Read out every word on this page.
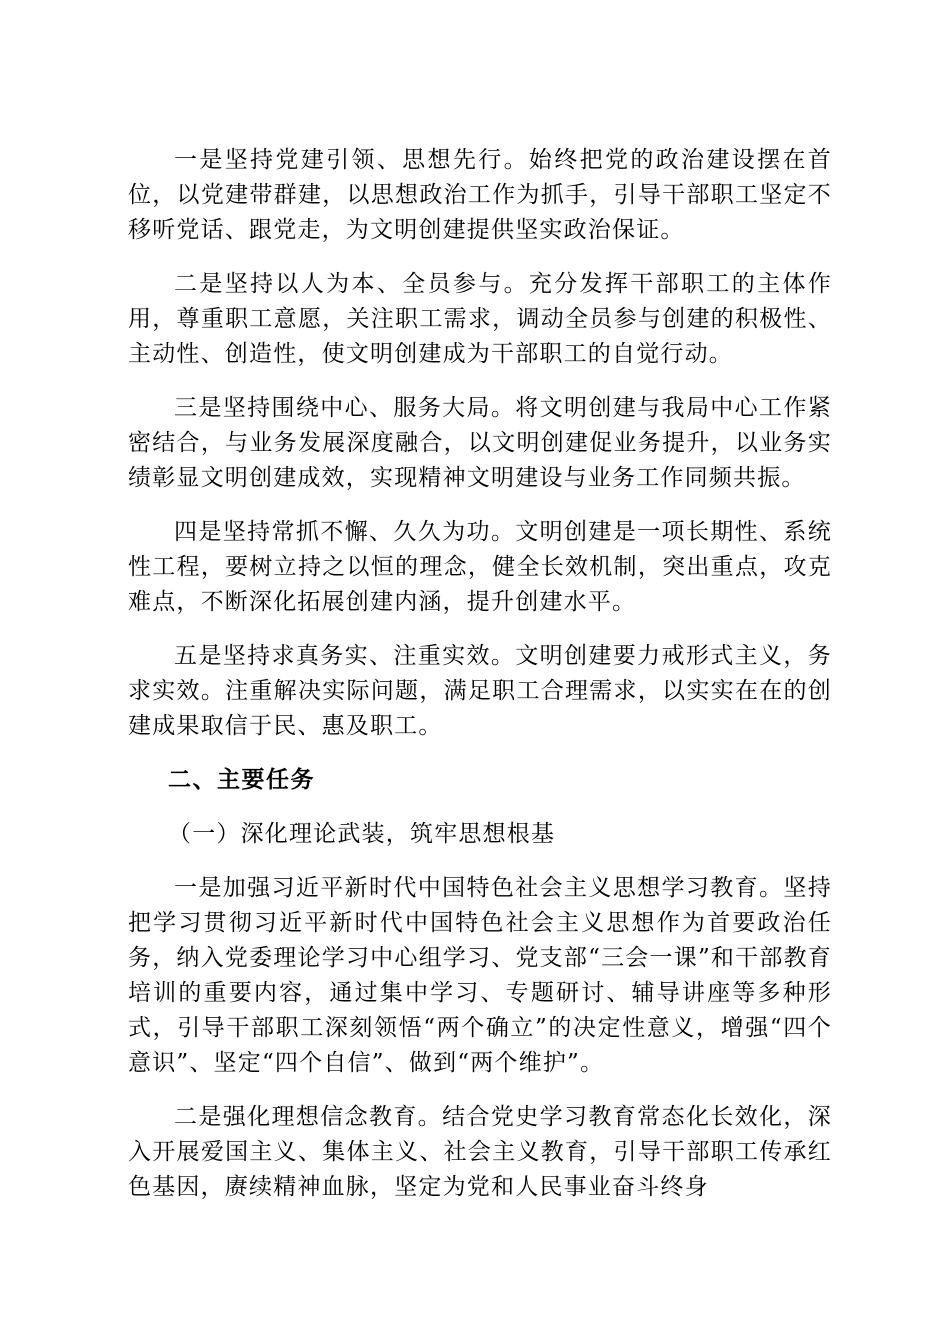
一是坚持党建引领、思想先行。始终把党的政治建设摆在首位，以党建带群建，以思想政治工作为抓手，引导干部职工坚定不移听党话、跟党走，为文明创建提供坚实政治保证。

二是坚持以人为本、全员参与。充分发挥干部职工的主体作用，尊重职工意愿，关注职工需求，调动全员参与创建的积极性、主动性、创造性，使文明创建成为干部职工的自觉行动。

三是坚持围绕中心、服务大局。将文明创建与我局中心工作紧密结合，与业务发展深度融合，以文明创建促业务提升，以业务实绩彰显文明创建成效，实现精神文明建设与业务工作同频共振。

四是坚持常抓不懈、久久为功。文明创建是一项长期性、系统性工程，要树立持之以恒的理念，健全长效机制，突出重点，攻克难点，不断深化拓展创建内涵，提升创建水平。

五是坚持求真务实、注重实效。文明创建要力戒形式主义，务求实效。注重解决实际问题，满足职工合理需求，以实实在在的创建成果取信于民、惠及职工。

二、主要任务

（一）深化理论武装，筑牢思想根基

一是加强习近平新时代中国特色社会主义思想学习教育。坚持把学习贯彻习近平新时代中国特色社会主义思想作为首要政治任务，纳入党委理论学习中心组学习、党支部“三会一课”和干部教育培训的重要内容，通过集中学习、专题研讨、辅导讲座等多种形式，引导干部职工深刻领悟“两个确立”的决定性意义，增强“四个意识”、坚定“四个自信”、做到“两个维护”。

二是强化理想信念教育。结合党史学习教育常态化长效化，深入开展爱国主义、集体主义、社会主义教育，引导干部职工传承红色基因，赓续精神血脉，坚定为党和人民事业奋斗终身
